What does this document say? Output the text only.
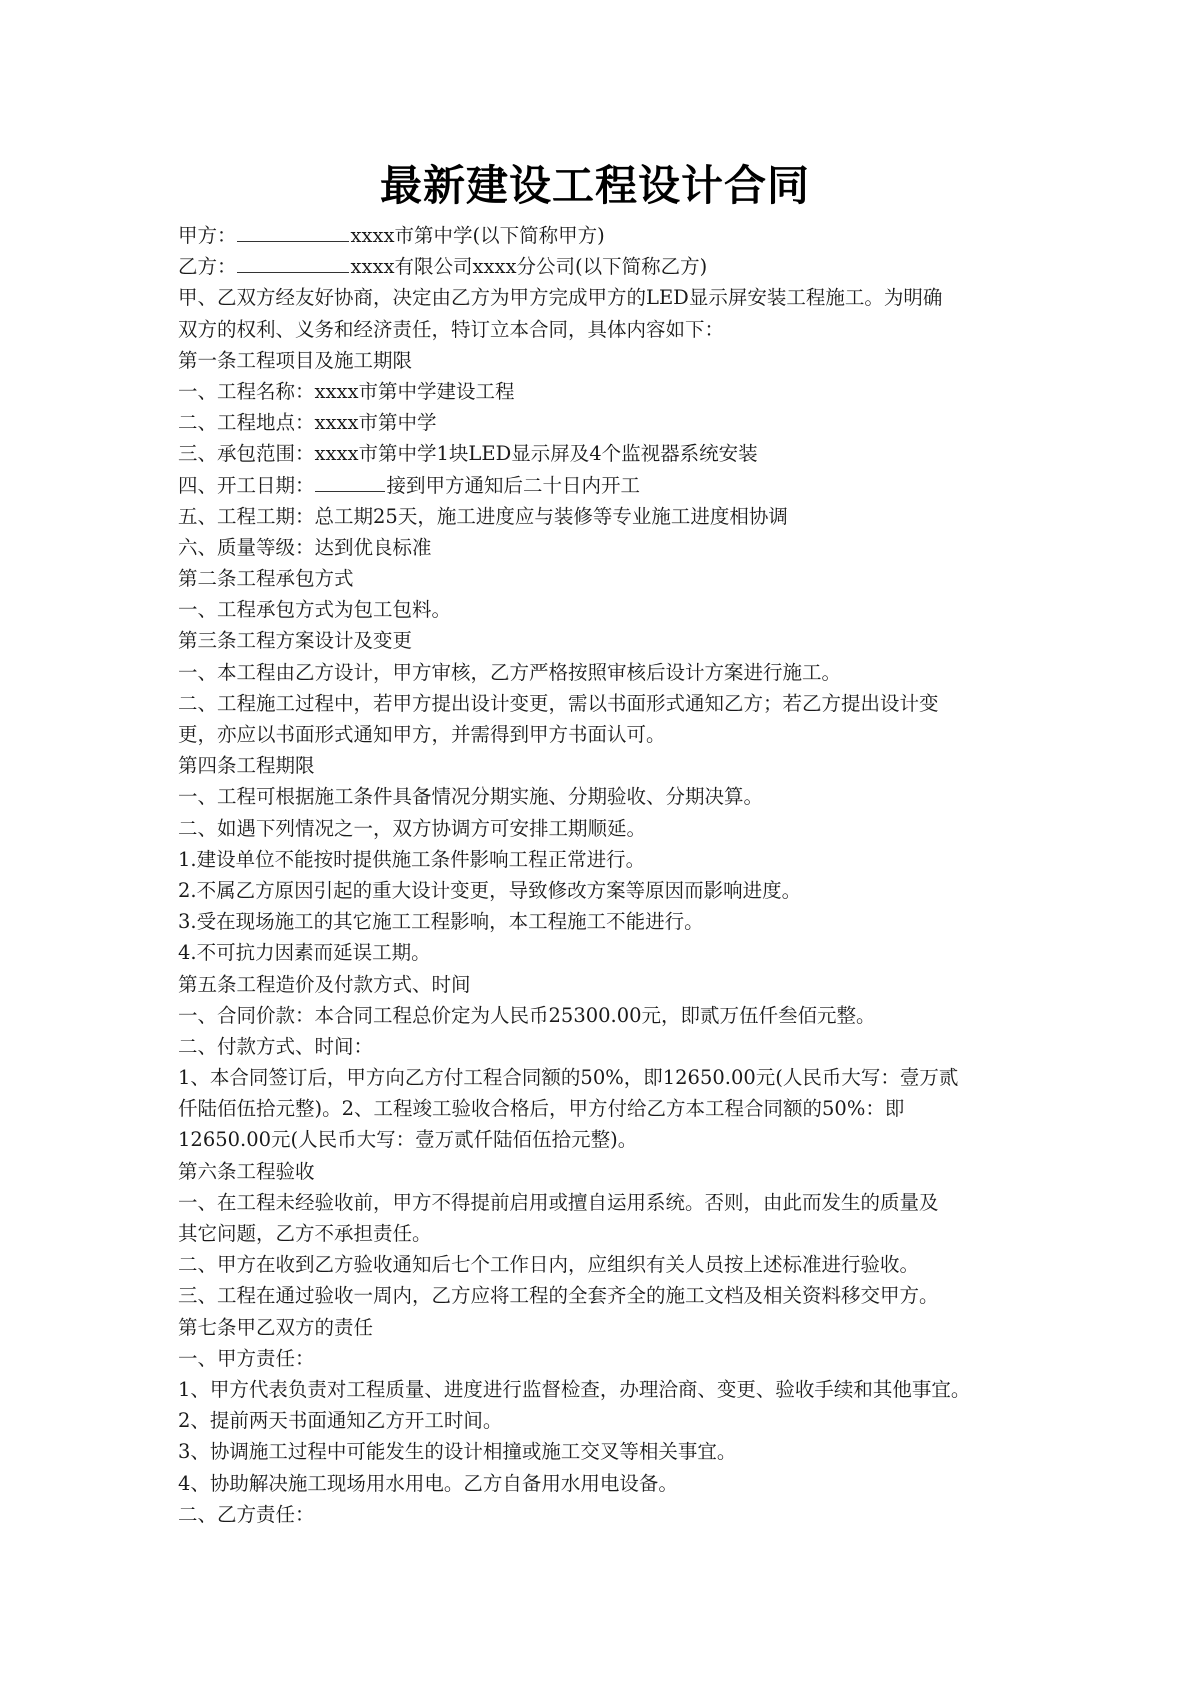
最新建设工程设计合同
甲方：	xxxx市第中学(以下简称甲方)
乙方：	xxxx有限公司xxxx分公司(以下简称乙方)
甲、乙双方经友好协商，决定由乙方为甲方完成甲方的LED显示屏安装工程施工。为明确
双方的权利、义务和经济责任，特订立本合同，具体内容如下：
第一条工程项目及施工期限
一、工程名称：xxxx市第中学建设工程
二、工程地点：xxxx市第中学
三、承包范围：xxxx市第中学1块LED显示屏及4个监视器系统安装
四、开工日期：	接到甲方通知后二十日内开工
五、工程工期：总工期25天，施工进度应与装修等专业施工进度相协调
六、质量等级：达到优良标准
第二条工程承包方式
一、工程承包方式为包工包料。
第三条工程方案设计及变更
一、本工程由乙方设计，甲方审核，乙方严格按照审核后设计方案进行施工。
二、工程施工过程中，若甲方提出设计变更，需以书面形式通知乙方；若乙方提出设计变
更，亦应以书面形式通知甲方，并需得到甲方书面认可。
第四条工程期限
一、工程可根据施工条件具备情况分期实施、分期验收、分期决算。
二、如遇下列情况之一，双方协调方可安排工期顺延。
1.建设单位不能按时提供施工条件影响工程正常进行。
2.不属乙方原因引起的重大设计变更，导致修改方案等原因而影响进度。
3.受在现场施工的其它施工工程影响，本工程施工不能进行。
4.不可抗力因素而延误工期。
第五条工程造价及付款方式、时间
一、合同价款：本合同工程总价定为人民币25300.00元，即贰万伍仟叁佰元整。
二、付款方式、时间：
1、本合同签订后，甲方向乙方付工程合同额的50%，即12650.00元(人民币大写：壹万贰
仟陆佰伍拾元整)。2、工程竣工验收合格后，甲方付给乙方本工程合同额的50%：即
12650.00元(人民币大写：壹万贰仟陆佰伍拾元整)。
第六条工程验收
一、在工程未经验收前，甲方不得提前启用或擅自运用系统。否则，由此而发生的质量及
其它问题，乙方不承担责任。
二、甲方在收到乙方验收通知后七个工作日内，应组织有关人员按上述标准进行验收。
三、工程在通过验收一周内，乙方应将工程的全套齐全的施工文档及相关资料移交甲方。
第七条甲乙双方的责任
一、甲方责任：
1、甲方代表负责对工程质量、进度进行监督检查，办理洽商、变更、验收手续和其他事宜。
2、提前两天书面通知乙方开工时间。
3、协调施工过程中可能发生的设计相撞或施工交叉等相关事宜。
4、协助解决施工现场用水用电。乙方自备用水用电设备。
二、乙方责任：
